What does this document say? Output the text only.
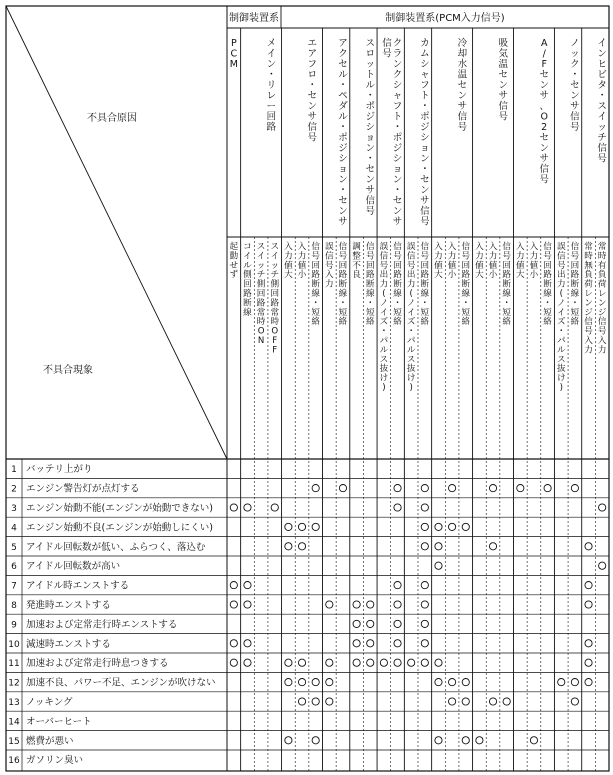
不具合原因
不具合現象
制御装置系	制御装置系(PCM入力信号)
P C M
メイン・リレー回路
エアフロ・センサ信号
アクセル・ペダル・ポジション・センサ
スロットル・ポジション・センサ信号
クランクシャフト・ポジション・センサ信号
カムシャフト・ポジション・センサ信号
冷却水温センサ信号
吸気温センサ信号
A / F センサ、 O 2 センサ信号
ノック・センサ信号
インヒビタ・スイッチ信号
起動せず
コイル側回路断線
スイッチ側回路常時 O N
スイッチ側回路常時 O F F
入力値大
入力値小
信号回路断線・短絡
誤信号入力
信号回路断線・短絡
調整不良
信号回路断線・短絡
誤信号出力(ノイズ・パルス抜け)
信号回路断線・短絡
誤信号出力(ノイズ・パルス抜け)
信号回路断線・短絡
入力値大
入力値小
信号回路断線・短絡
入力値大
入力値小
信号回路断線・短絡
入力値大
入力値小
信号回路断線・短絡
誤信号出力(ノイズ・パルス抜け)
信号回路断線・短絡
常時無負荷レンジ信号入力
常時有負荷レンジ信号入力
1 バッテリ上がり
2 エンジン警告灯が点灯する
3 エンジン始動不能(エンジンが始動できない)
4 エンジン始動不良(エンジンが始動しにくい)
5 アイドル回転数が低い、ふらつく、落込む
6 アイドル回転数が高い
7 アイドル時エンストする
8 発進時エンストする
9 加速および定常走行時エンストする
10 減速時エンストする
11 加速および定常走行時息つきする
12 加速不良、パワー不足、エンジンが吹けない
13 ノッキング
14 オーバーヒート
15 燃費が悪い
16 ガソリン臭い
